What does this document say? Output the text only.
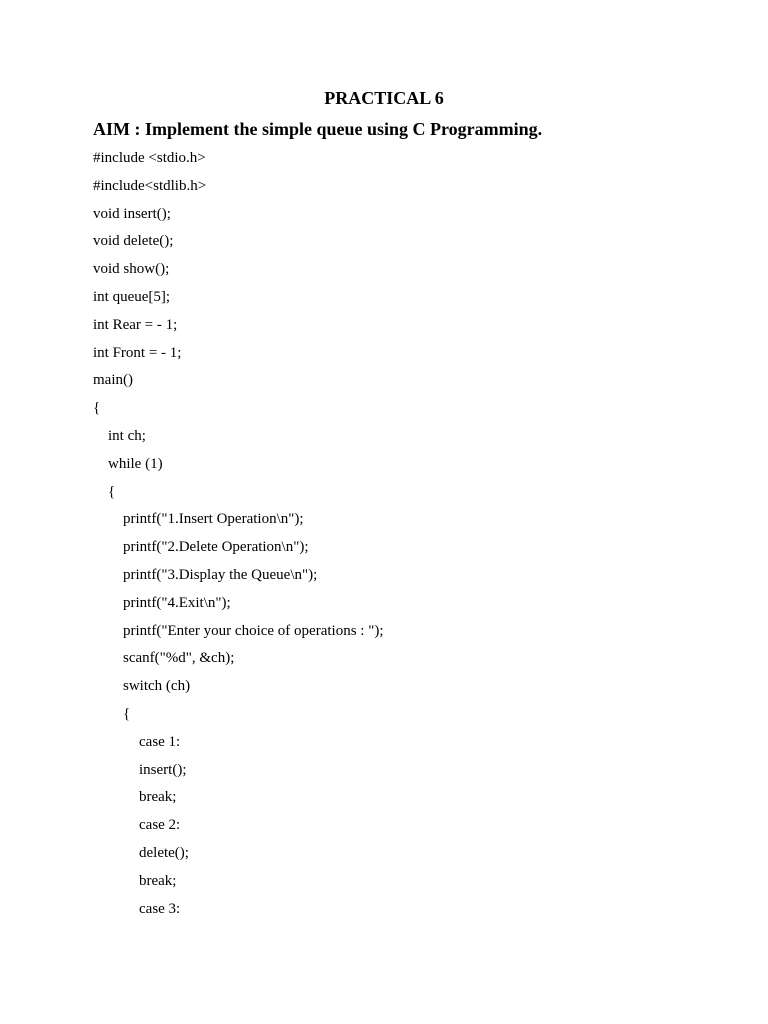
PRACTICAL 6
AIM : Implement the simple queue using C Programming.
#include <stdio.h>
#include<stdlib.h>
void insert();
void delete();
void show();
int queue[5];
int Rear = - 1;
int Front = - 1;
main()
{
int ch;
while (1)
{
printf("1.Insert Operation\n");
printf("2.Delete Operation\n");
printf("3.Display the Queue\n");
printf("4.Exit\n");
printf("Enter your choice of operations : ");
scanf("%d", &ch);
switch (ch)
{
case 1:
insert();
break;
case 2:
delete();
break;
case 3:
